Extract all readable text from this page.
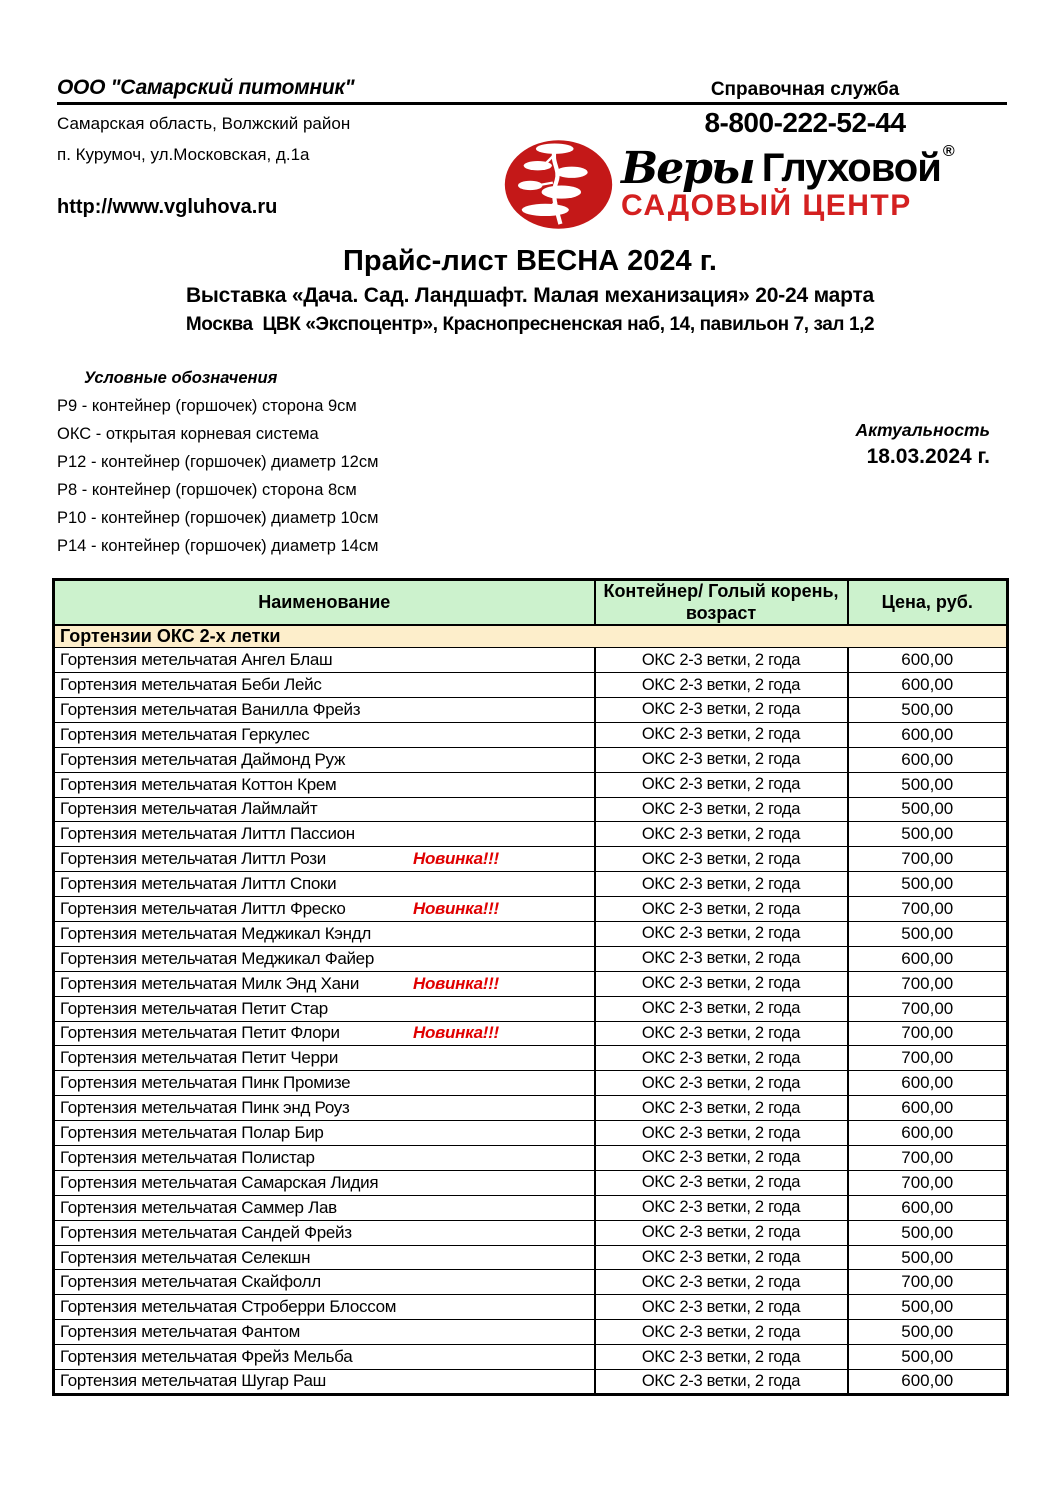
ООО "Самарский питомник"	Справочная служба
Самарская область, Волжский район
п. Курумоч, ул.Московская, д.1а
8-800-222-52-44
http://www.vgluhova.ru
Веры Глуховой ®
САДОВЫЙ ЦЕНТР
Прайс-лист ВЕСНА 2024 г.
Выставка «Дача. Сад. Ландшафт. Малая механизация» 20-24 марта
Москва  ЦВК «Экспоцентр», Краснопресненская наб, 14, павильон 7, зал 1,2
Условные обозначения
Р9 - контейнер (горшочек) сторона 9см
ОКС - открытая корневая система
Р12 - контейнер (горшочек) диаметр 12см
Р8 - контейнер (горшочек) сторона 8см
Р10 - контейнер (горшочек) диаметр 10см
Р14 - контейнер (горшочек) диаметр 14см
Актуальность
18.03.2024 г.
Наименование	Контейнер/ Голый корень, возраст	Цена, руб.
Гортензии ОКС 2-х летки		
Гортензия метельчатая Ангел Блаш	ОКС 2-3 ветки, 2 года	600,00
Гортензия метельчатая Беби Лейс	ОКС 2-3 ветки, 2 года	600,00
Гортензия метельчатая Ванилла Фрейз	ОКС 2-3 ветки, 2 года	500,00
Гортензия метельчатая Геркулес	ОКС 2-3 ветки, 2 года	600,00
Гортензия метельчатая Даймонд Руж	ОКС 2-3 ветки, 2 года	600,00
Гортензия метельчатая Коттон Крем	ОКС 2-3 ветки, 2 года	500,00
Гортензия метельчатая Лаймлайт	ОКС 2-3 ветки, 2 года	500,00
Гортензия метельчатая Литтл Пассион	ОКС 2-3 ветки, 2 года	500,00
Гортензия метельчатая Литтл Рози Новинка!!!	ОКС 2-3 ветки, 2 года	700,00
Гортензия метельчатая Литтл Споки	ОКС 2-3 ветки, 2 года	500,00
Гортензия метельчатая Литтл Фреско Новинка!!!	ОКС 2-3 ветки, 2 года	700,00
Гортензия метельчатая Меджикал Кэндл	ОКС 2-3 ветки, 2 года	500,00
Гортензия метельчатая Меджикал Файер	ОКС 2-3 ветки, 2 года	600,00
Гортензия метельчатая Милк Энд Хани Новинка!!!	ОКС 2-3 ветки, 2 года	700,00
Гортензия метельчатая Петит Стар	ОКС 2-3 ветки, 2 года	700,00
Гортензия метельчатая Петит Флори Новинка!!!	ОКС 2-3 ветки, 2 года	700,00
Гортензия метельчатая Петит Черри	ОКС 2-3 ветки, 2 года	700,00
Гортензия метельчатая Пинк Промизе	ОКС 2-3 ветки, 2 года	600,00
Гортензия метельчатая Пинк энд Роуз	ОКС 2-3 ветки, 2 года	600,00
Гортензия метельчатая Полар Бир	ОКС 2-3 ветки, 2 года	600,00
Гортензия метельчатая Полистар	ОКС 2-3 ветки, 2 года	700,00
Гортензия метельчатая Самарская Лидия	ОКС 2-3 ветки, 2 года	700,00
Гортензия метельчатая Саммер Лав	ОКС 2-3 ветки, 2 года	600,00
Гортензия метельчатая Сандей Фрейз	ОКС 2-3 ветки, 2 года	500,00
Гортензия метельчатая Селекшн	ОКС 2-3 ветки, 2 года	500,00
Гортензия метельчатая Скайфолл	ОКС 2-3 ветки, 2 года	700,00
Гортензия метельчатая Строберри Блоссом	ОКС 2-3 ветки, 2 года	500,00
Гортензия метельчатая Фантом	ОКС 2-3 ветки, 2 года	500,00
Гортензия метельчатая Фрейз Мельба	ОКС 2-3 ветки, 2 года	500,00
Гортензия метельчатая Шугар Раш	ОКС 2-3 ветки, 2 года	600,00
